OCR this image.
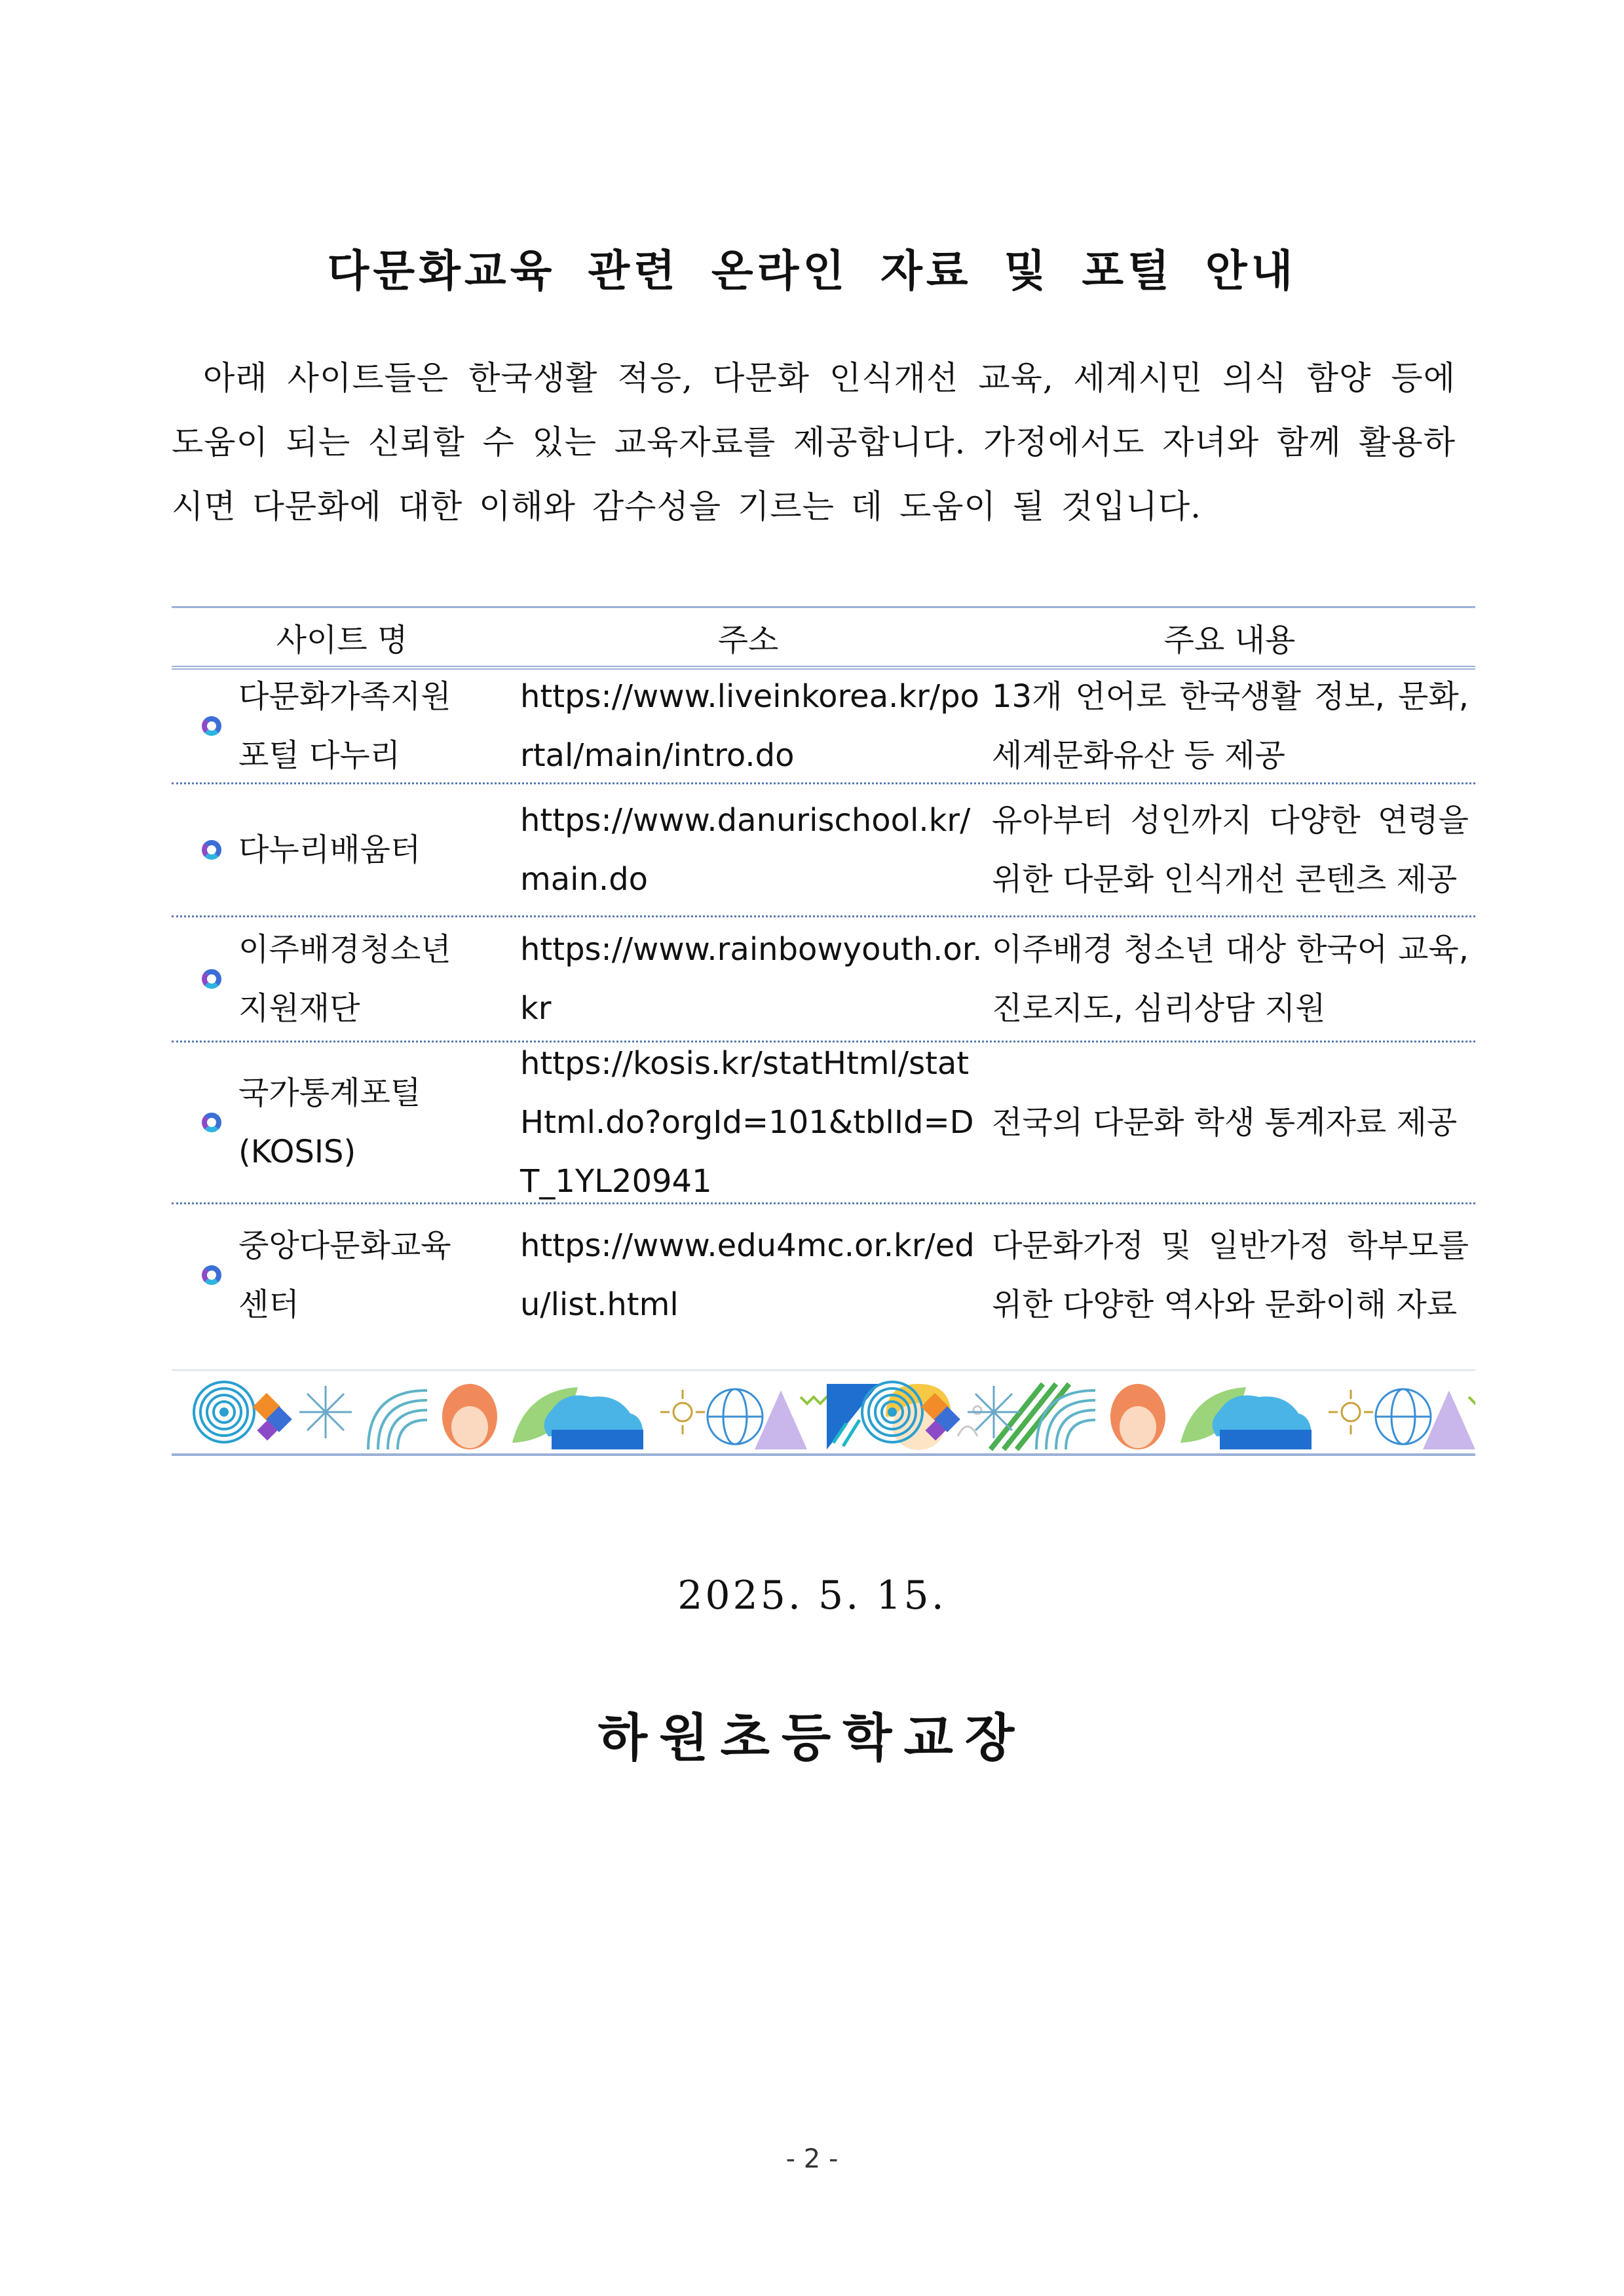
다문화교육 관련 온라인 자료 및 포털 안내
아래 사이트들은 한국생활 적응, 다문화 인식개선 교육, 세계시민 의식 함양 등에 도움이 되는 신뢰할 수 있는 교육자료를 제공합니다. 가정에서도 자녀와 함께 활용하시면 다문화에 대한 이해와 감수성을 기르는 데 도움이 될 것입니다.
사이트 명	주소	주요 내용
다문화가족지원 포털 다누리
https://www.liveinkorea.kr/portal/main/intro.do
13개 언어로 한국생활 정보, 문화, 세계문화유산 등 제공
다누리배움터
https://www.danurischool.kr/main.do
유아부터 성인까지 다양한 연령을 위한 다문화 인식개선 콘텐츠 제공
이주배경청소년 지원재단
https://www.rainbowyouth.or.kr
이주배경 청소년 대상 한국어 교육, 진로지도, 심리상담 지원
국가통계포털 (KOSIS)
https://kosis.kr/statHtml/statHtml.do?orgId=101&tblId=DT_1YL20941
전국의 다문화 학생 통계자료 제공
중앙다문화교육센터
https://www.edu4mc.or.kr/edu/list.html
다문화가정 및 일반가정 학부모를 위한 다양한 역사와 문화이해 자료
2025. 5. 15.
하원초등학교장
- 2 -
